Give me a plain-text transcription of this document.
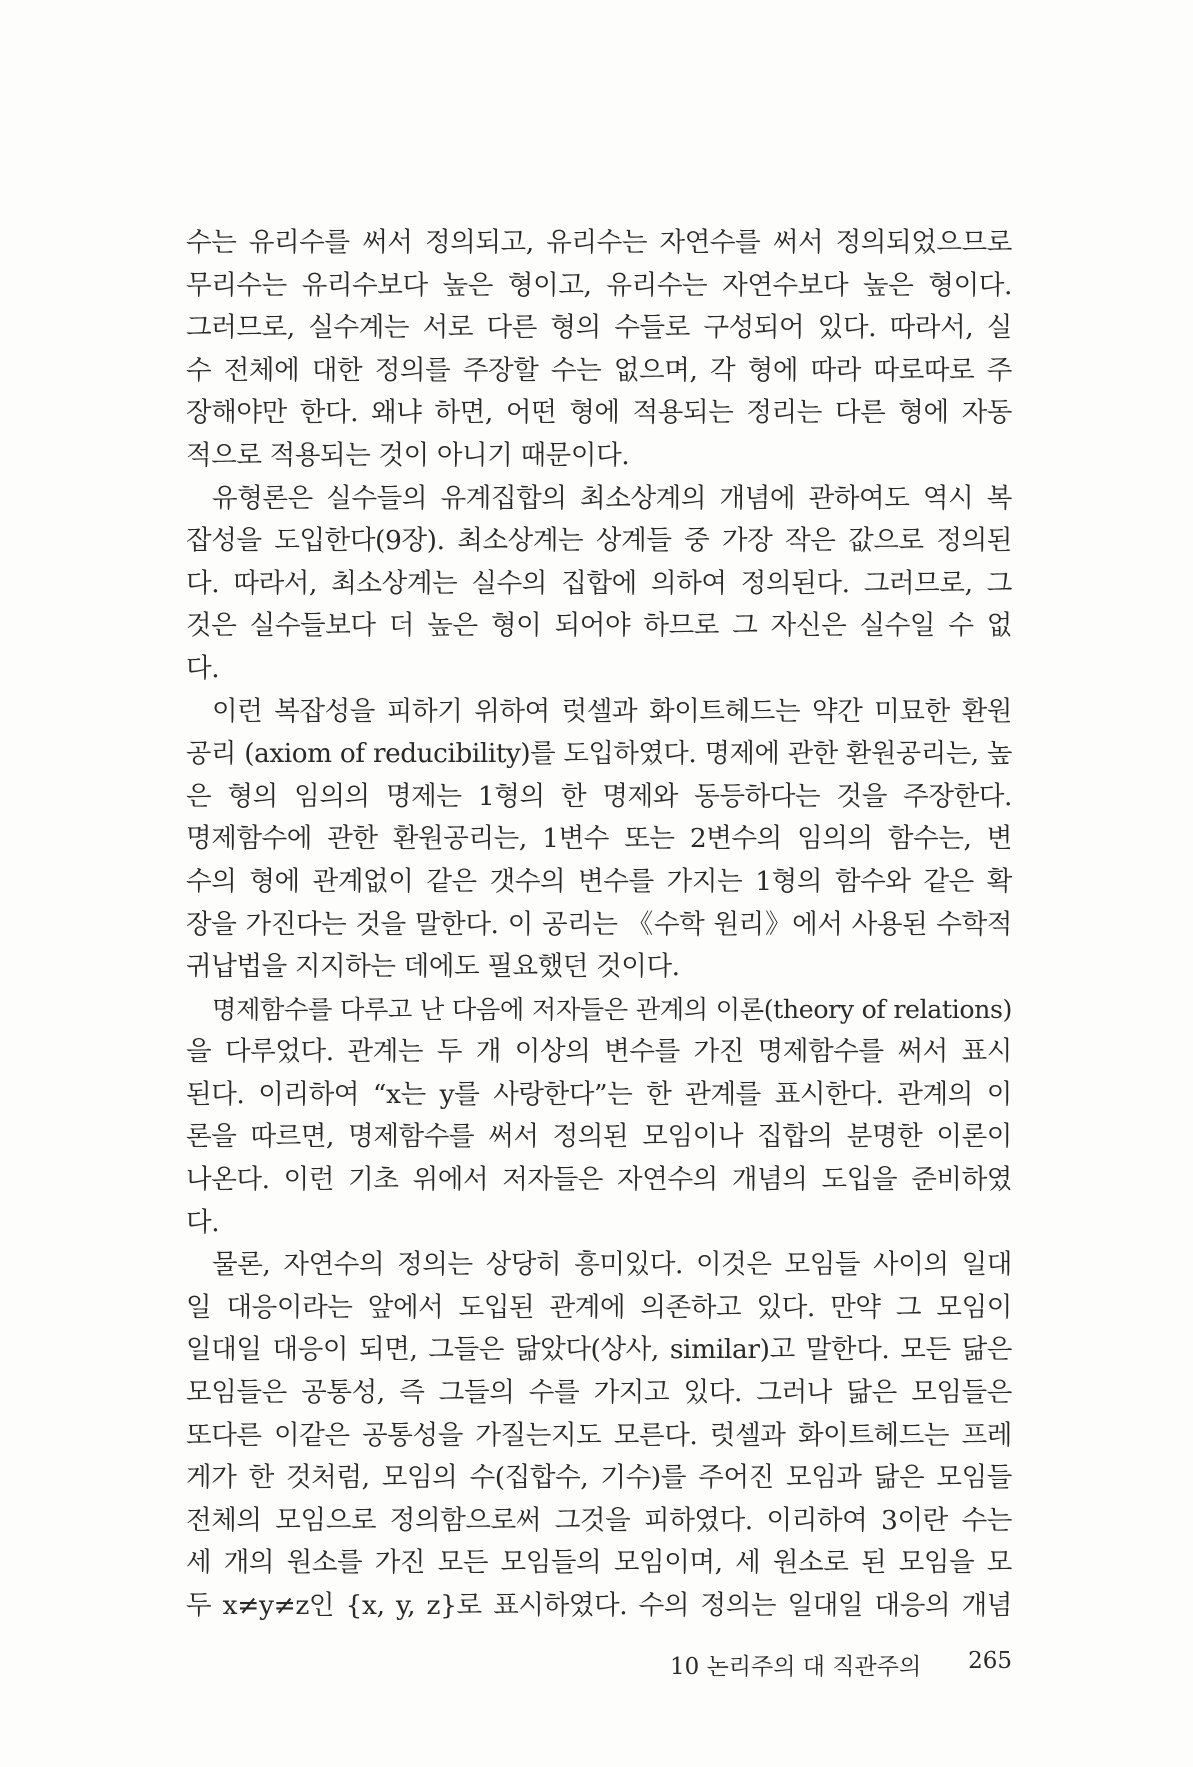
수는 유리수를 써서 정의되고, 유리수는 자연수를 써서 정의되었으므로
무리수는 유리수보다 높은 형이고, 유리수는 자연수보다 높은 형이다.
그러므로, 실수계는 서로 다른 형의 수들로 구성되어 있다. 따라서, 실
수 전체에 대한 정의를 주장할 수는 없으며, 각 형에 따라 따로따로 주
장해야만 한다. 왜냐 하면, 어떤 형에 적용되는 정리는 다른 형에 자동
적으로 적용되는 것이 아니기 때문이다.
유형론은 실수들의 유계집합의 최소상계의 개념에 관하여도 역시 복
잡성을 도입한다(9장). 최소상계는 상계들 중 가장 작은 값으로 정의된
다. 따라서, 최소상계는 실수의 집합에 의하여 정의된다. 그러므로, 그
것은 실수들보다 더 높은 형이 되어야 하므로 그 자신은 실수일 수 없
다.
이런 복잡성을 피하기 위하여 럿셀과 화이트헤드는 약간 미묘한 환원
공리 (axiom of reducibility)를 도입하였다. 명제에 관한 환원공리는, 높
은 형의 임의의 명제는 1형의 한 명제와 동등하다는 것을 주장한다.
명제함수에 관한 환원공리는, 1변수 또는 2변수의 임의의 함수는, 변
수의 형에 관계없이 같은 갯수의 변수를 가지는 1형의 함수와 같은 확
장을 가진다는 것을 말한다. 이 공리는 《수학 원리》에서 사용된 수학적
귀납법을 지지하는 데에도 필요했던 것이다.
명제함수를 다루고 난 다음에 저자들은 관계의 이론(theory of relations)
을 다루었다. 관계는 두 개 이상의 변수를 가진 명제함수를 써서 표시
된다. 이리하여 “x는 y를 사랑한다”는 한 관계를 표시한다. 관계의 이
론을 따르면, 명제함수를 써서 정의된 모임이나 집합의 분명한 이론이
나온다. 이런 기초 위에서 저자들은 자연수의 개념의 도입을 준비하였
다.
물론, 자연수의 정의는 상당히 흥미있다. 이것은 모임들 사이의 일대
일 대응이라는 앞에서 도입된 관계에 의존하고 있다. 만약 그 모임이
일대일 대응이 되면, 그들은 닮았다(상사, similar)고 말한다. 모든 닮은
모임들은 공통성, 즉 그들의 수를 가지고 있다. 그러나 닮은 모임들은
또다른 이같은 공통성을 가질는지도 모른다. 럿셀과 화이트헤드는 프레
게가 한 것처럼, 모임의 수(집합수, 기수)를 주어진 모임과 닮은 모임들
전체의 모임으로 정의함으로써 그것을 피하였다. 이리하여 3이란 수는
세 개의 원소를 가진 모든 모임들의 모임이며, 세 원소로 된 모임을 모
두 x≠y≠z인 {x, y, z}로 표시하였다. 수의 정의는 일대일 대응의 개념
10 논리주의 대 직관주의 265
